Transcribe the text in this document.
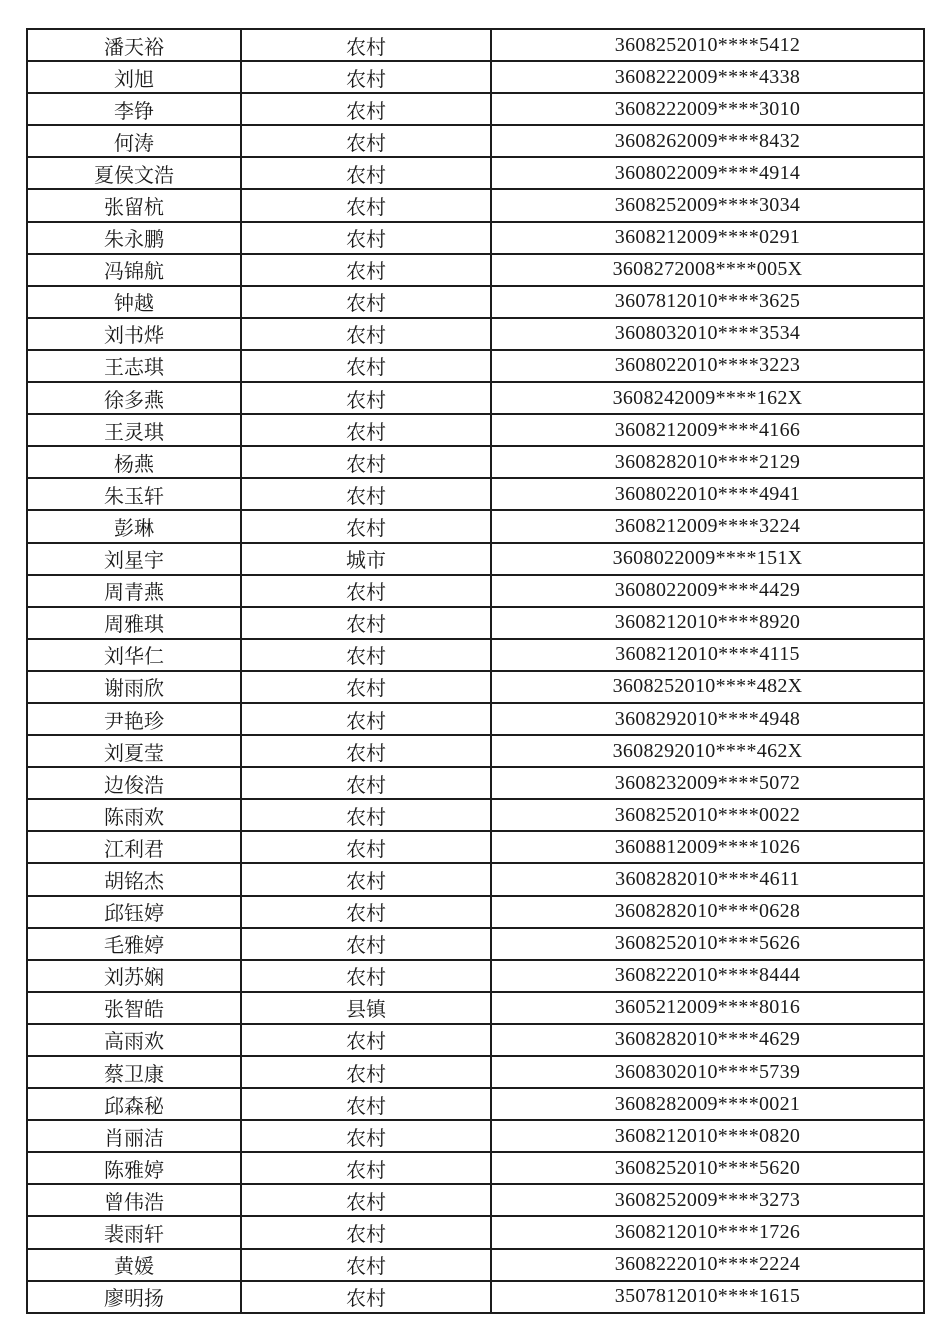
潘天裕	农村	3608252010****5412
刘旭	农村	3608222009****4338
李铮	农村	3608222009****3010
何涛	农村	3608262009****8432
夏侯文浩	农村	3608022009****4914
张留杭	农村	3608252009****3034
朱永鹏	农村	3608212009****0291
冯锦航	农村	3608272008****005X
钟越	农村	3607812010****3625
刘书烨	农村	3608032010****3534
王志琪	农村	3608022010****3223
徐多燕	农村	3608242009****162X
王灵琪	农村	3608212009****4166
杨燕	农村	3608282010****2129
朱玉轩	农村	3608022010****4941
彭琳	农村	3608212009****3224
刘星宇	城市	3608022009****151X
周青燕	农村	3608022009****4429
周雅琪	农村	3608212010****8920
刘华仁	农村	3608212010****4115
谢雨欣	农村	3608252010****482X
尹艳珍	农村	3608292010****4948
刘夏莹	农村	3608292010****462X
边俊浩	农村	3608232009****5072
陈雨欢	农村	3608252010****0022
江利君	农村	3608812009****1026
胡铭杰	农村	3608282010****4611
邱钰婷	农村	3608282010****0628
毛雅婷	农村	3608252010****5626
刘苏娴	农村	3608222010****8444
张智皓	县镇	3605212009****8016
高雨欢	农村	3608282010****4629
蔡卫康	农村	3608302010****5739
邱森秘	农村	3608282009****0021
肖丽洁	农村	3608212010****0820
陈雅婷	农村	3608252010****5620
曾伟浩	农村	3608252009****3273
裴雨轩	农村	3608212010****1726
黄媛	农村	3608222010****2224
廖明扬	农村	3507812010****1615
